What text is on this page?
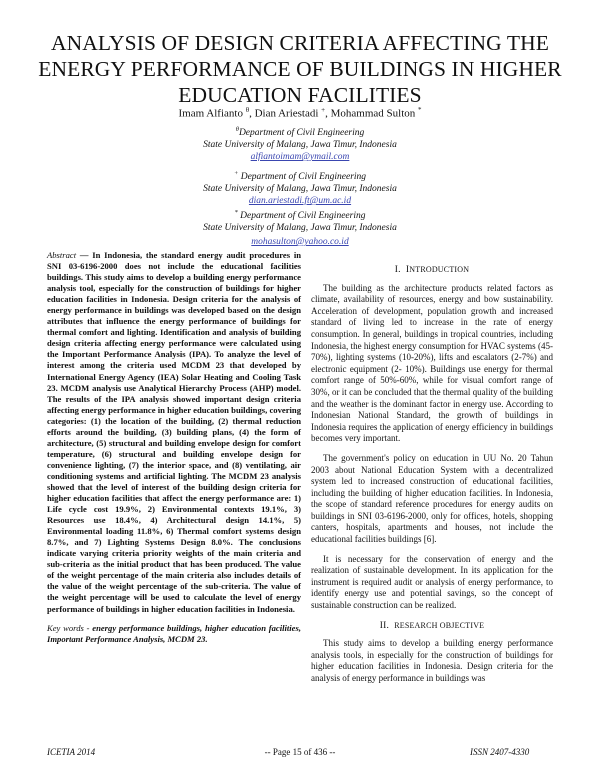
ANALYSIS OF DESIGN CRITERIA AFFECTING THE ENERGY PERFORMANCE OF BUILDINGS IN HIGHER EDUCATION FACILITIES
Imam Alfianto $^\theta$, Dian Ariestadi +, Mohammad Sulton *
$^\theta$Department of Civil Engineering
State University of Malang, Jawa Timur, Indonesia
alfiantoimam@ymail.com
+ Department of Civil Engineering
State University of Malang, Jawa Timur, Indonesia
dian.ariestadi.ft@um.ac.id
* Department of Civil Engineering
State University of Malang, Jawa Timur, Indonesia
mohasulton@yahoo.co.id

Abstract — In Indonesia, the standard energy audit procedures in SNI 03-6196-2000 does not include the educational facilities buildings. This study aims to develop a building energy performance analysis tool, especially for the construction of buildings for higher education facilities in Indonesia. Design criteria for the analysis of energy performance in buildings was developed based on the design attributes that influence the energy performance of buildings for thermal comfort and lighting. Identification and analysis of building design criteria affecting energy performance were calculated using the Important Performance Analysis (IPA). To analyze the level of interest among the criteria used MCDM 23 that developed by International Energy Agency (IEA) Solar Heating and Cooling Task 23. MCDM analysis use Analytical Hierarchy Process (AHP) model. The results of the IPA analysis showed important design criteria affecting energy performance in higher education buildings, covering categories: (1) the location of the building, (2) thermal reduction efforts around the building, (3) building plans, (4) the form of architecture, (5) structural and building envelope design for comfort temperature, (6) structural and building envelope design for convenience lighting, (7) the interior space, and (8) ventilating, air conditioning systems and artificial lighting. The MCDM 23 analysis showed that the level of interest of the building design criteria for higher education facilities that affect the energy performance are: 1) Life cycle cost 19.9%, 2) Environmental contexts 19.1%, 3) Resources use 18.4%, 4) Architectural design 14.1%, 5) Environmental loading 11.8%, 6) Thermal comfort systems design 8.7%, and 7) Lighting Systems Design 8.0%. The conclusions indicate varying criteria priority weights of the main criteria and sub-criteria as the initial product that has been produced. The value of the weight percentage of the main criteria also includes details of the value of the weight percentage of the sub-criteria. The value of the weight percentage will be used to calculate the level of energy performance of buildings in higher education facilities in Indonesia.

Key words - energy performance buildings, higher education facilities, Important Performance Analysis, MCDM 23.

I. INTRODUCTION

The building as the architecture products related factors as climate, availability of resources, energy and bow sustainability. Acceleration of development, population growth and increased standard of living led to increase in the rate of energy consumption. In general, buildings in tropical countries, including Indonesia, the highest energy consumption for HVAC systems (45-70%), lighting systems (10-20%), lifts and escalators (2-7%) and electronic equipment (2- 10%). Buildings use energy for thermal comfort range of 50%-60%, while for visual comfort range of 30%, or it can be concluded that the thermal quality of the building and the weather is the dominant factor in energy use. According to Indonesian National Standard, the growth of buildings in Indonesia requires the application of energy efficiency in buildings becomes very important.

The government's policy on education in UU No. 20 Tahun 2003 about National Education System with a decentralized system led to increased construction of educational facilities, including the building of higher education facilities. In Indonesia, the scope of standard reference procedures for energy audits on buildings in SNI 03-6196-2000, only for offices, hotels, shopping canters, hospitals, apartments and houses, not include the educational facilities buildings [6].

It is necessary for the conservation of energy and the realization of sustainable development. In its application for the instrument is required audit or analysis of energy performance, to identify energy use and potential savings, so the concept of sustainable construction can be realized.

II. RESEARCH OBJECTIVE

This study aims to develop a building energy performance analysis tools, in especially for the construction of buildings for higher education facilities in Indonesia. Design criteria for the analysis of energy performance in buildings was

ICETIA 2014	-- Page 15 of 436 --	ISSN 2407-4330
